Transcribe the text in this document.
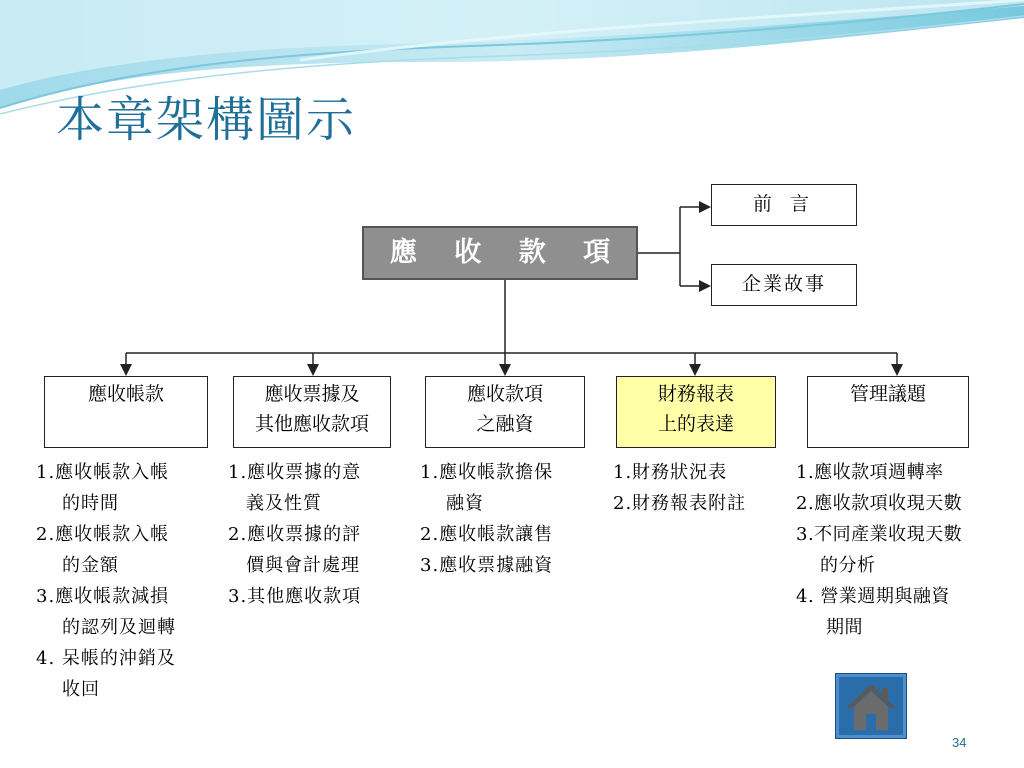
本章架構圖示
應 收 款 項
前 言
企業故事
應收帳款	應收票據及
其他應收款項
應收款項
之融資
財務報表
上的表達
管理議題
1.應收帳款入帳
的時間
2.應收帳款入帳
的金額
3.應收帳款減損
的認列及迴轉
4. 呆帳的沖銷及
收回
1.應收票據的意
義及性質
2.應收票據的評
價與會計處理
3.其他應收款項
1.應收帳款擔保
融資
2.應收帳款讓售
3.應收票據融資
1.財務狀況表
2.財務報表附註
1.應收款項週轉率
2.應收款項收現天數
3.不同產業收現天數
的分析
4. 營業週期與融資
期間
34
